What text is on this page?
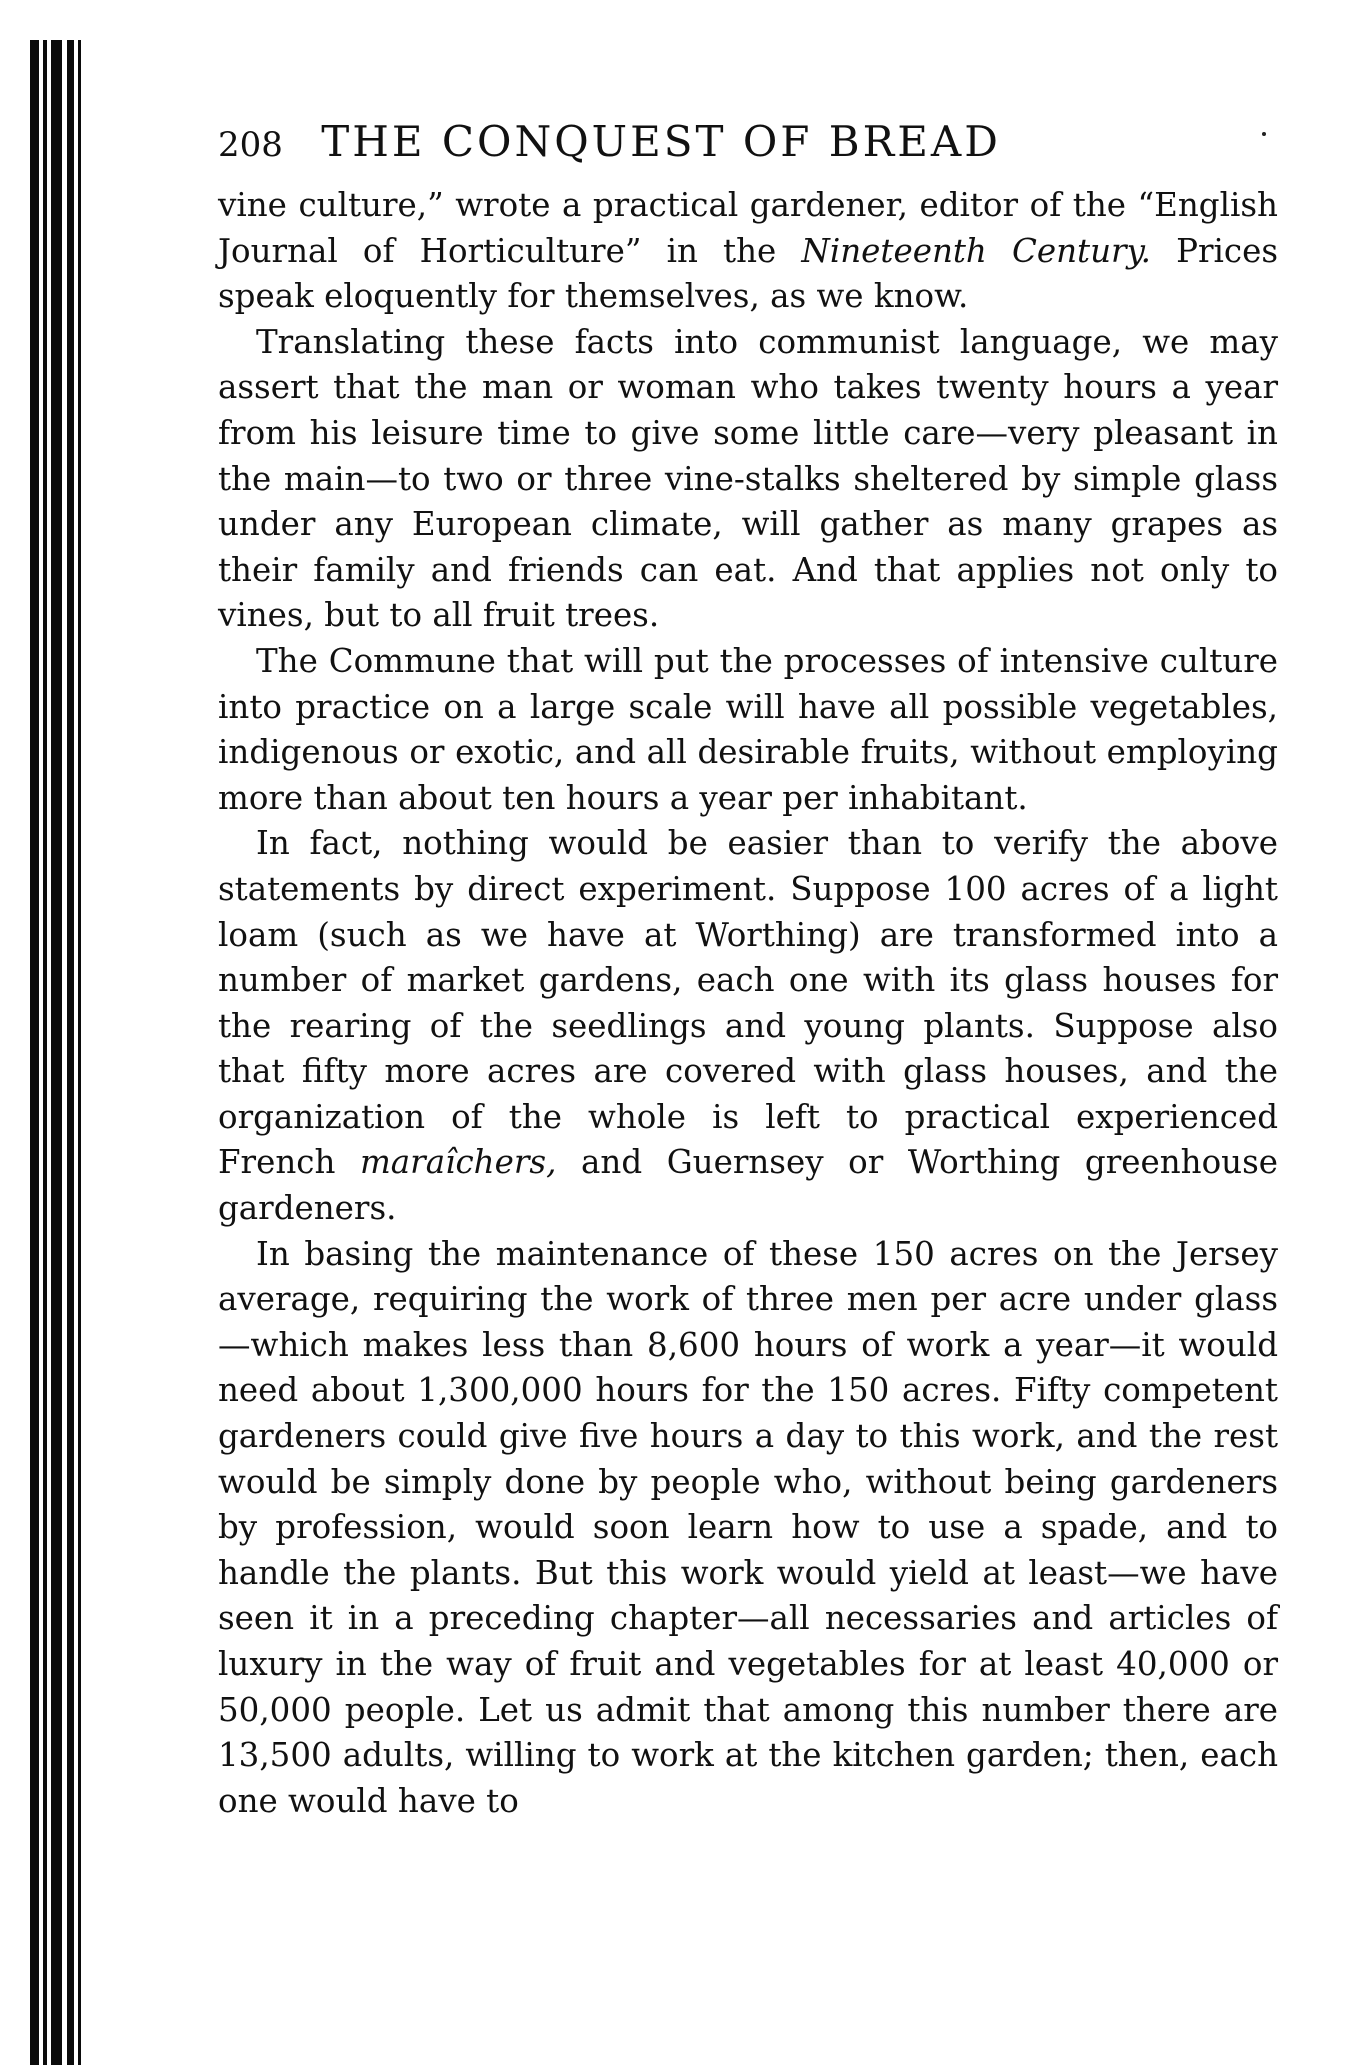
208 THE CONQUEST OF BREAD

vine culture,” wrote a practical gardener, editor of the “English Journal of Horticulture” in the Nineteenth Century. Prices speak eloquently for themselves, as we know.

Translating these facts into communist language, we may assert that the man or woman who takes twenty hours a year from his leisure time to give some little care—very pleasant in the main—to two or three vine-stalks sheltered by simple glass under any European climate, will gather as many grapes as their family and friends can eat. And that applies not only to vines, but to all fruit trees.

The Commune that will put the processes of intensive culture into practice on a large scale will have all possible vegetables, indigenous or exotic, and all desirable fruits, without employing more than about ten hours a year per inhabitant.

In fact, nothing would be easier than to verify the above statements by direct experiment. Suppose 100 acres of a light loam (such as we have at Worthing) are transformed into a number of market gardens, each one with its glass houses for the rearing of the seedlings and young plants. Suppose also that fifty more acres are covered with glass houses, and the organization of the whole is left to practical experienced French maraîchers, and Guernsey or Worthing greenhouse gardeners.

In basing the maintenance of these 150 acres on the Jersey average, requiring the work of three men per acre under glass—which makes less than 8,600 hours of work a year—it would need about 1,300,000 hours for the 150 acres. Fifty competent gardeners could give five hours a day to this work, and the rest would be simply done by people who, without being gardeners by profession, would soon learn how to use a spade, and to handle the plants. But this work would yield at least—we have seen it in a preceding chapter—all necessaries and articles of luxury in the way of fruit and vegetables for at least 40,000 or 50,000 people. Let us admit that among this number there are 13,500 adults, willing to work at the kitchen garden; then, each one would have to
